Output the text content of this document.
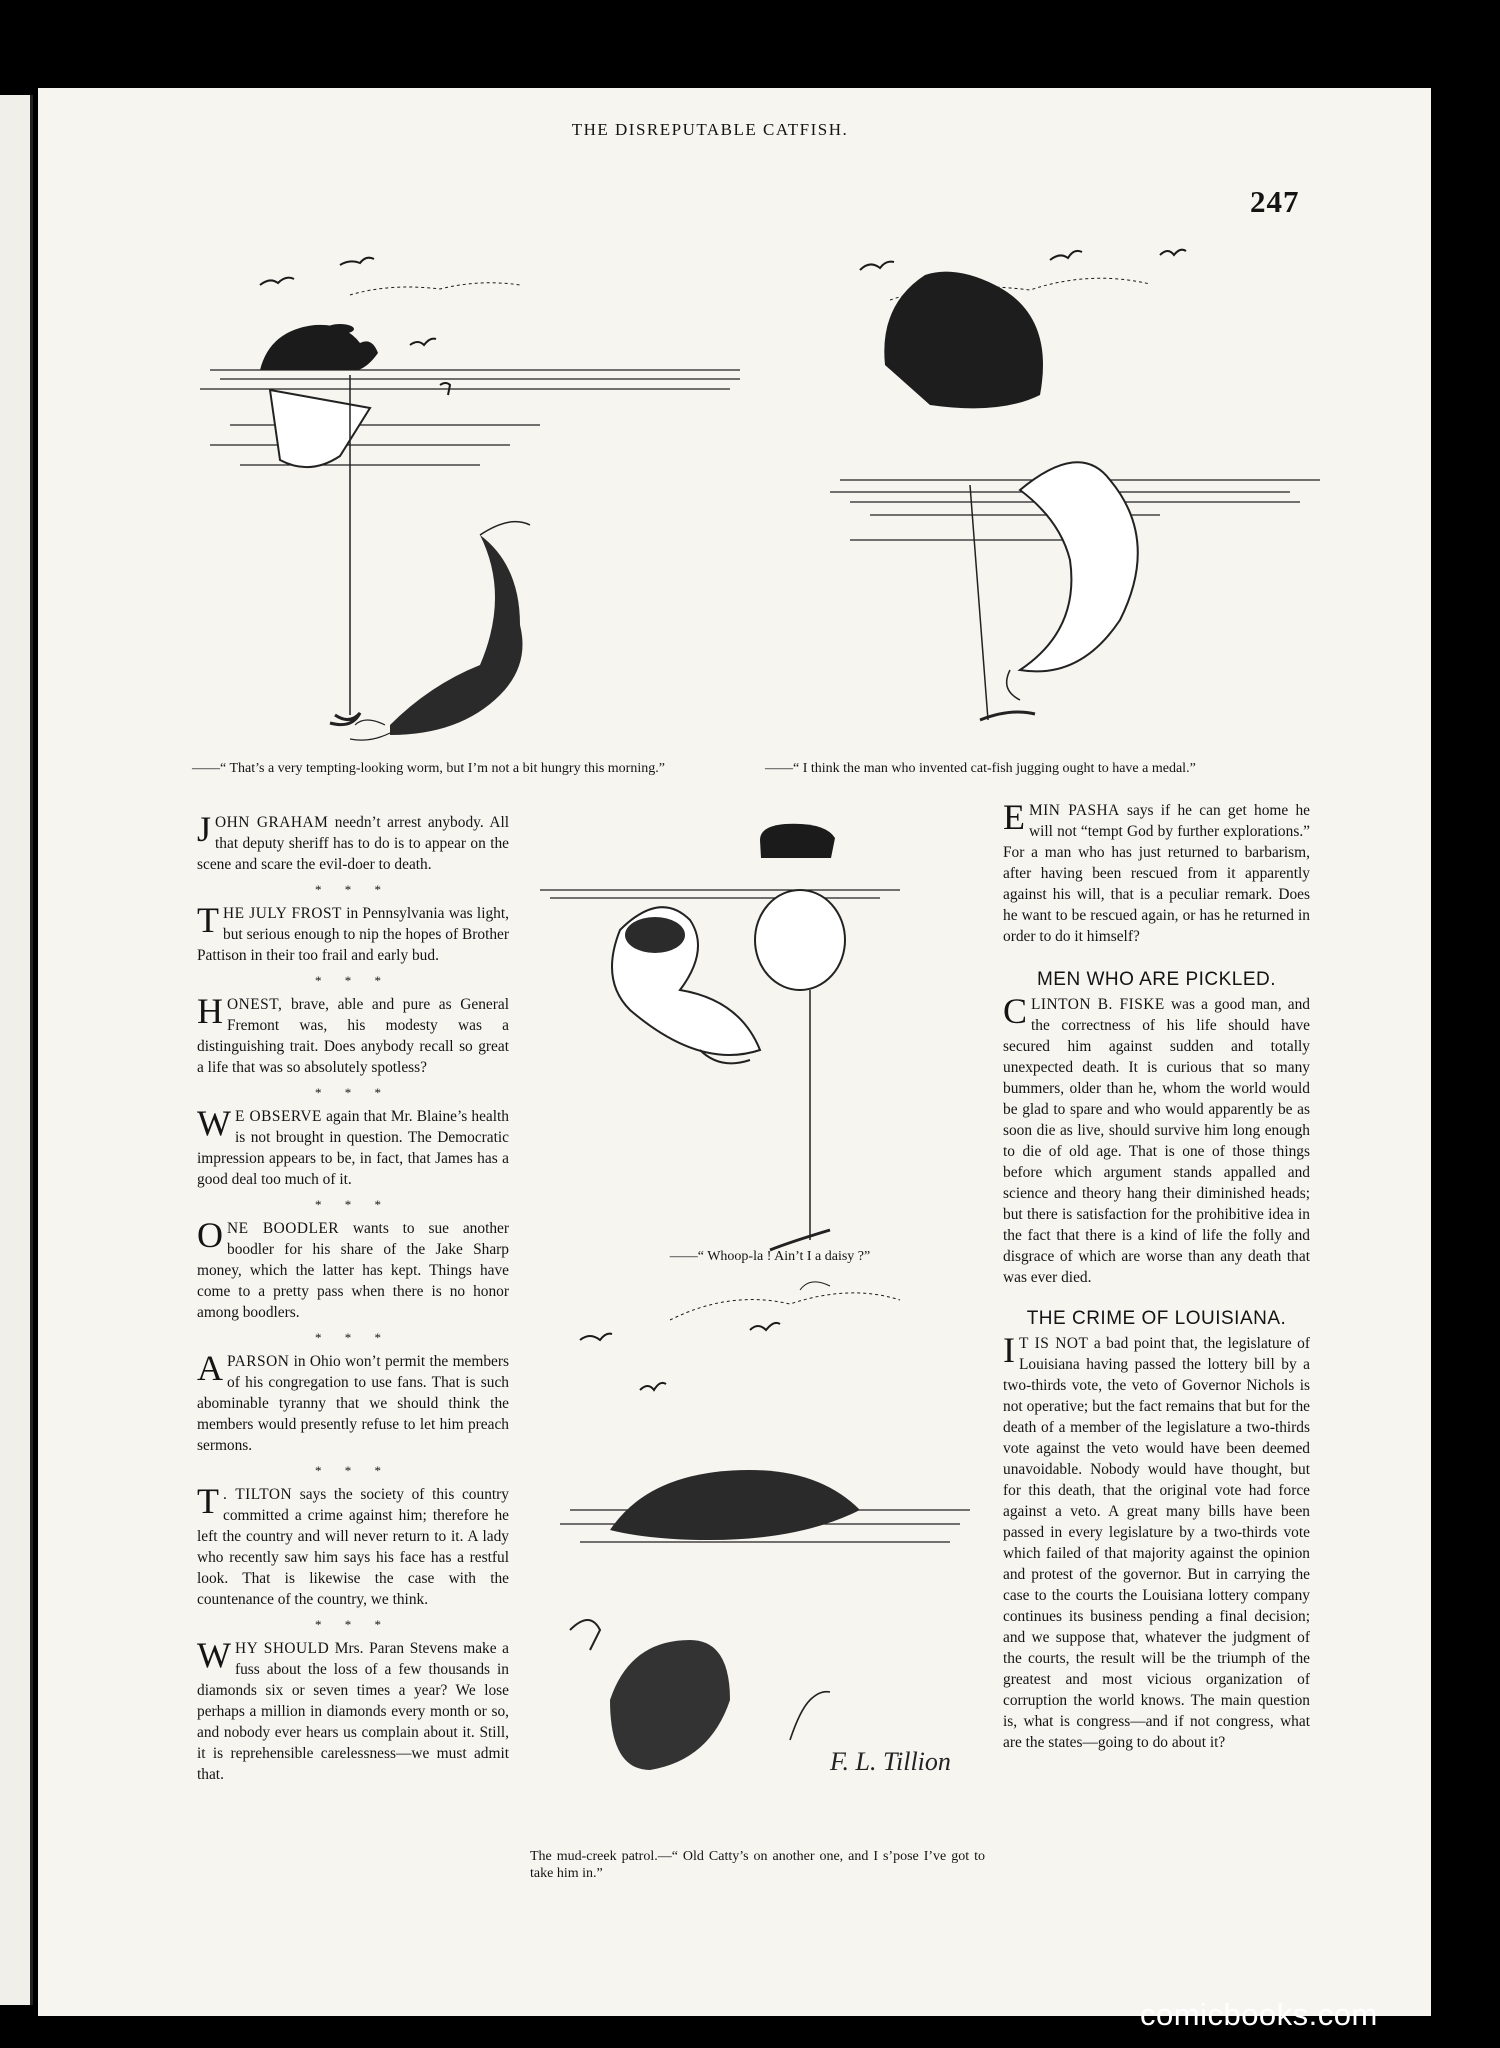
THE DISREPUTABLE CATFISH.
247
F. L. Tillion
——“ That’s a very tempting-looking worm, but I’m not a bit hungry this morning.”	——“ I think the man who invented cat-fish jugging ought to have a medal.”
——“ Whoop-la ! Ain’t I a daisy ?”
The mud-creek patrol.—“ Old Catty’s on another one, and I s’pose I’ve got to take him in.”

JOHN GRAHAM needn’t arrest anybody. All that deputy sheriff has to do is to appear on the scene and scare the evil-doer to death.

* * *

THE JULY FROST in Pennsylvania was light, but serious enough to nip the hopes of Brother Pattison in their too frail and early bud.

* * *

HONEST, brave, able and pure as General Fremont was, his modesty was a distinguishing trait. Does anybody recall so great a life that was so absolutely spotless?

* * *

W E OBSERVE again that Mr. Blaine’s health is not brought in question. The Democratic impression appears to be, in fact, that James has a good deal too much of it.

* * *

ONE BOODLER wants to sue another boodler for his share of the Jake Sharp money, which the latter has kept. Things have come to a pretty pass when there is no honor among boodlers.

* * *

A PARSON in Ohio won’t permit the members of his congregation to use fans. That is such abominable tyranny that we should think the members would presently refuse to let him preach sermons.

* * *

T . TILTON says the society of this country committed a crime against him; therefore he left the country and will never return to it. A lady who recently saw him says his face has a restful look. That is likewise the case with the countenance of the country, we think.

* * *

WHY SHOULD Mrs. Paran Stevens make a fuss about the loss of a few thousands in diamonds six or seven times a year? We lose perhaps a million in diamonds every month or so, and nobody ever hears us complain about it. Still, it is reprehensible carelessness—we must admit that.

EMIN PASHA says if he can get home he will not “tempt God by further explorations.” For a man who has just returned to barbarism, after having been rescued from it apparently against his will, that is a peculiar remark. Does he want to be rescued again, or has he returned in order to do it himself?

MEN WHO ARE PICKLED.

CLINTON B. FISKE was a good man, and the correctness of his life should have secured him against sudden and totally unexpected death. It is curious that so many bummers, older than he, whom the world would be glad to spare and who would apparently be as soon die as live, should survive him long enough to die of old age. That is one of those things before which argument stands appalled and science and theory hang their diminished heads; but there is satisfaction for the prohibitive idea in the fact that there is a kind of life the folly and disgrace of which are worse than any death that was ever died.

THE CRIME OF LOUISIANA.

I T IS NOT a bad point that, the legislature of Louisiana having passed the lottery bill by a two-thirds vote, the veto of Governor Nichols is not operative; but the fact remains that but for the death of a member of the legislature a two-thirds vote against the veto would have been deemed unavoidable. Nobody would have thought, but for this death, that the original vote had force against a veto. A great many bills have been passed in every legislature by a two-thirds vote which failed of that majority against the opinion and protest of the governor. But in carrying the case to the courts the Louisiana lottery company continues its business pending a final decision; and we suppose that, whatever the judgment of the courts, the result will be the triumph of the greatest and most vicious organization of corruption the world knows. The main question is, what is congress—and if not congress, what are the states—going to do about it?

comicbooks.com
